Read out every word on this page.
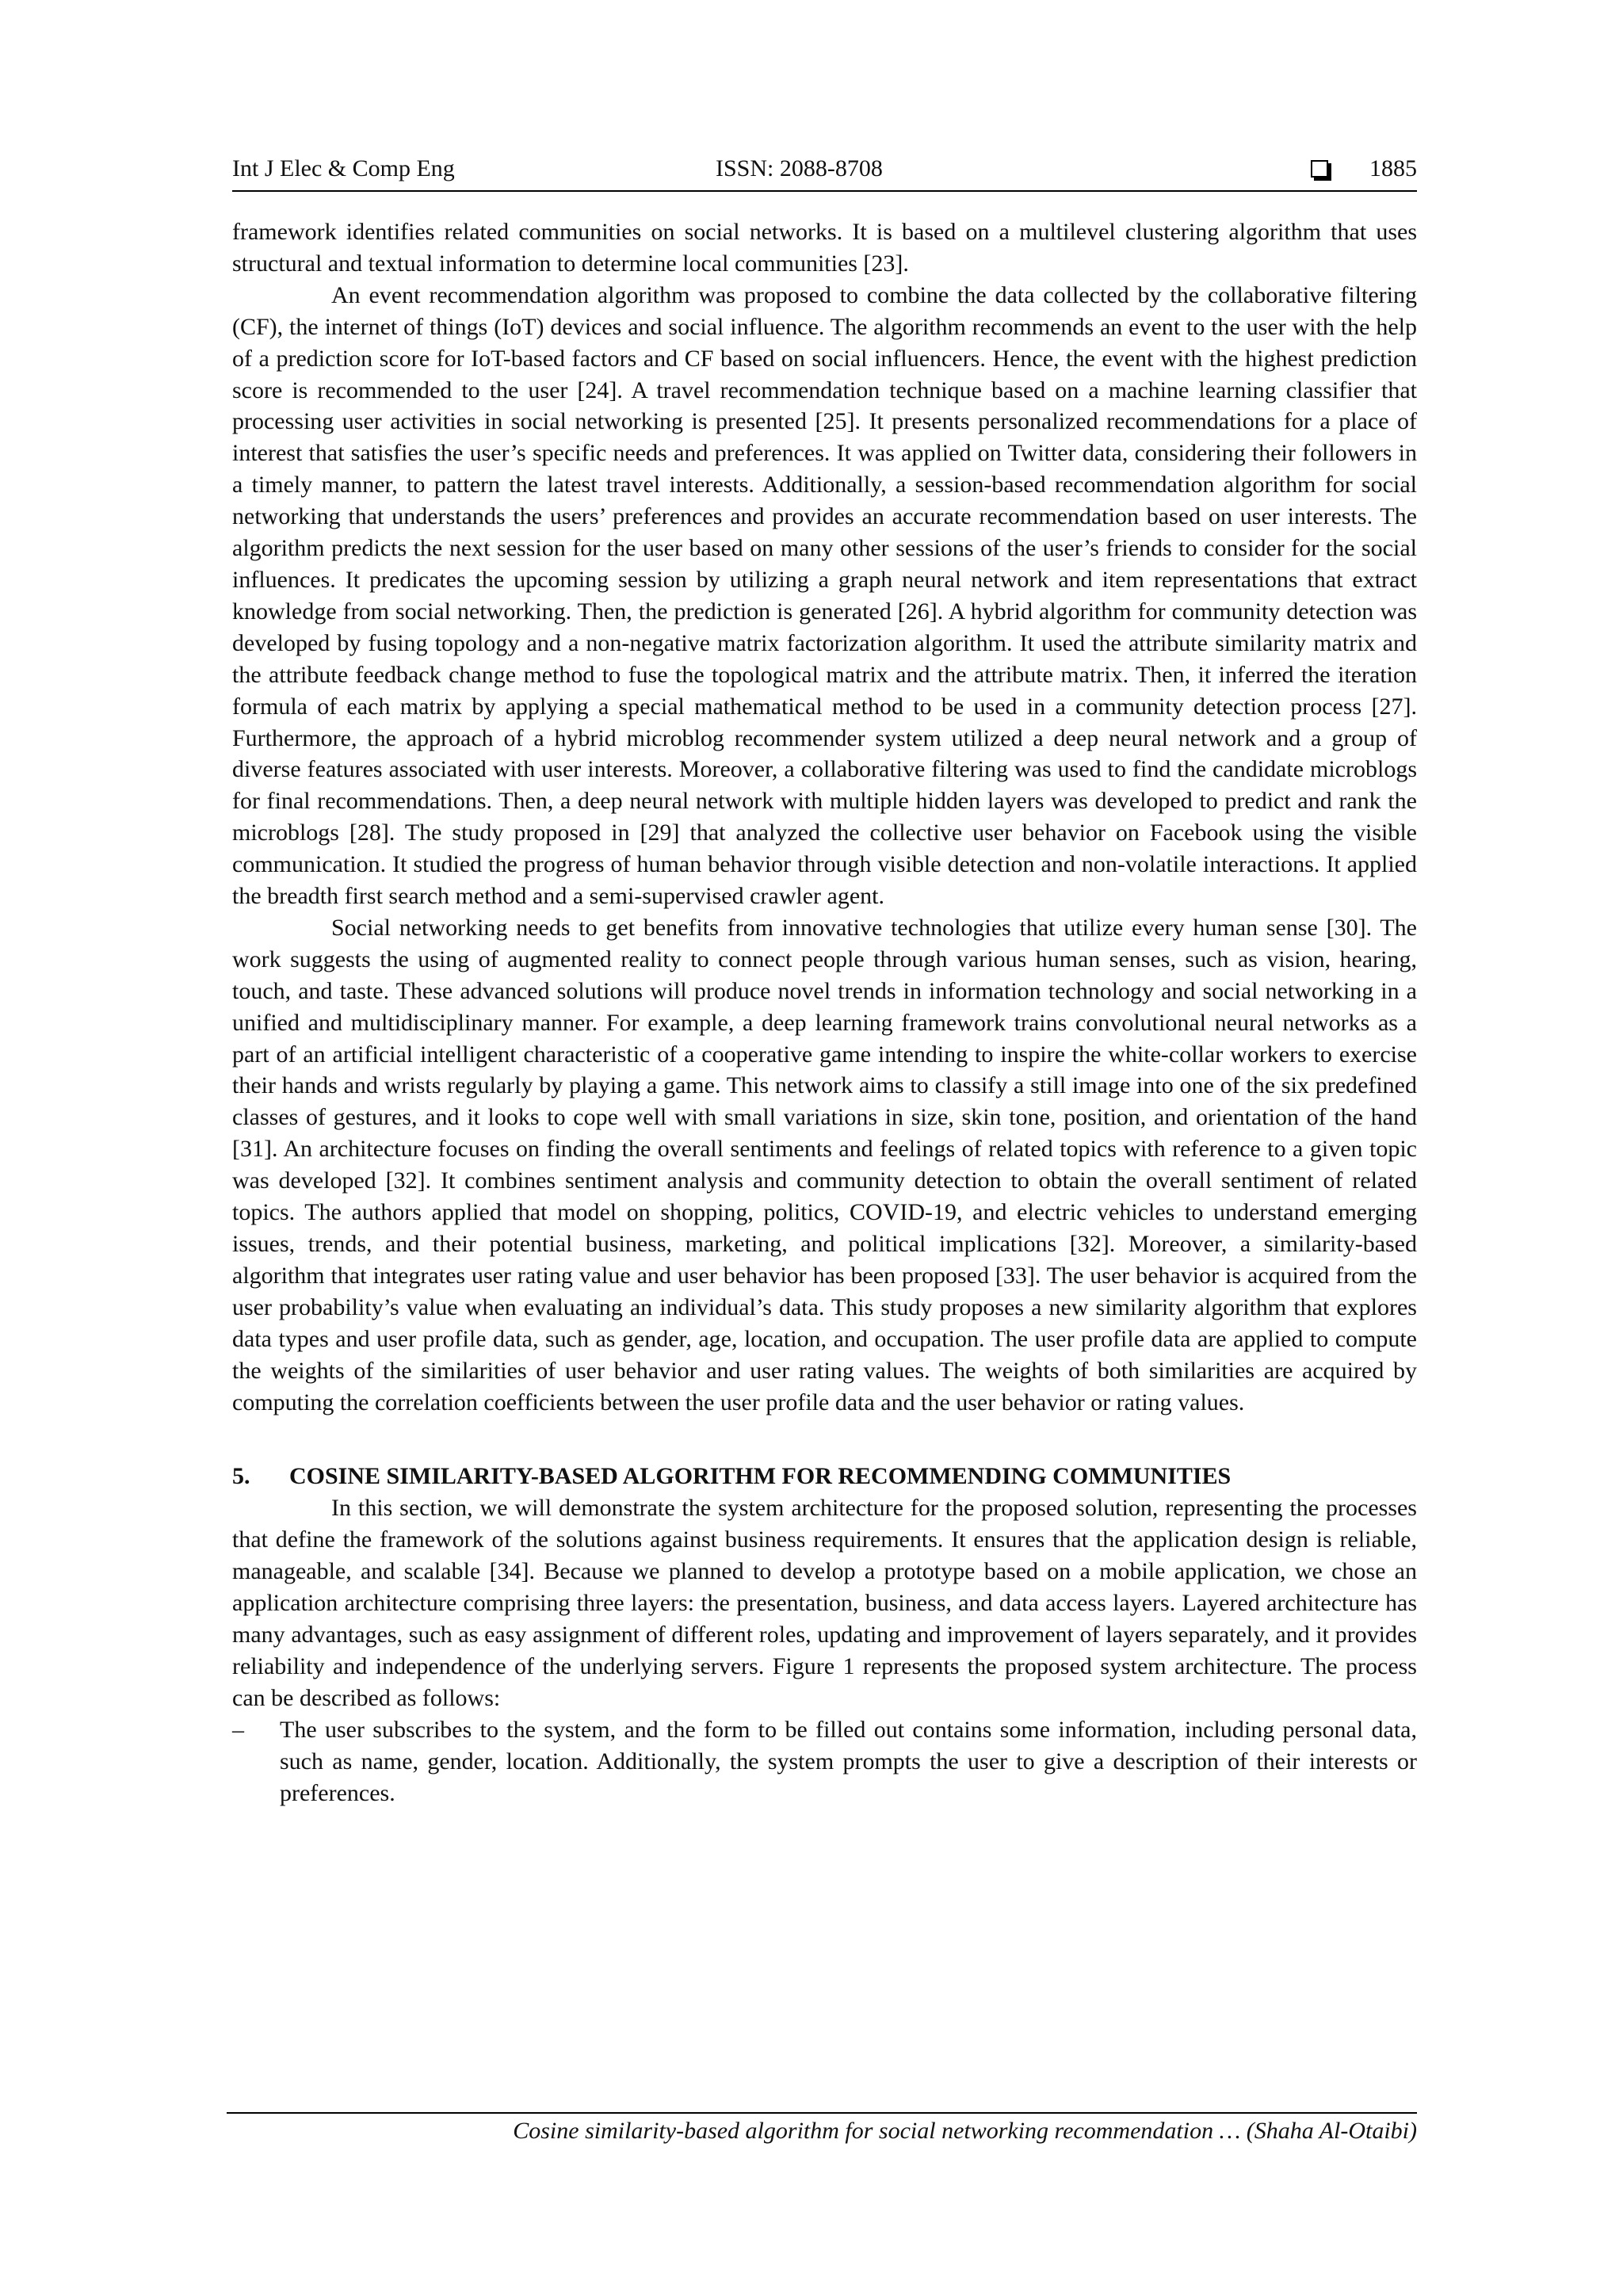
Int J Elec & Comp Eng	ISSN: 2088-8708	1885

framework identifies related communities on social networks. It is based on a multilevel clustering algorithm that uses structural and textual information to determine local communities [23].

An event recommendation algorithm was proposed to combine the data collected by the collaborative filtering (CF), the internet of things (IoT) devices and social influence. The algorithm recommends an event to the user with the help of a prediction score for IoT-based factors and CF based on social influencers. Hence, the event with the highest prediction score is recommended to the user [24]. A travel recommendation technique based on a machine learning classifier that processing user activities in social networking is presented [25]. It presents personalized recommendations for a place of interest that satisfies the user’s specific needs and preferences. It was applied on Twitter data, considering their followers in a timely manner, to pattern the latest travel interests. Additionally, a session-based recommendation algorithm for social networking that understands the users’ preferences and provides an accurate recommendation based on user interests. The algorithm predicts the next session for the user based on many other sessions of the user’s friends to consider for the social influences. It predicates the upcoming session by utilizing a graph neural network and item representations that extract knowledge from social networking. Then, the prediction is generated [26]. A hybrid algorithm for community detection was developed by fusing topology and a non-negative matrix factorization algorithm. It used the attribute similarity matrix and the attribute feedback change method to fuse the topological matrix and the attribute matrix. Then, it inferred the iteration formula of each matrix by applying a special mathematical method to be used in a community detection process [27]. Furthermore, the approach of a hybrid microblog recommender system utilized a deep neural network and a group of diverse features associated with user interests. Moreover, a collaborative filtering was used to find the candidate microblogs for final recommendations. Then, a deep neural network with multiple hidden layers was developed to predict and rank the microblogs [28]. The study proposed in [29] that analyzed the collective user behavior on Facebook using the visible communication. It studied the progress of human behavior through visible detection and non-volatile interactions. It applied the breadth first search method and a semi-supervised crawler agent.

Social networking needs to get benefits from innovative technologies that utilize every human sense [30]. The work suggests the using of augmented reality to connect people through various human senses, such as vision, hearing, touch, and taste. These advanced solutions will produce novel trends in information technology and social networking in a unified and multidisciplinary manner. For example, a deep learning framework trains convolutional neural networks as a part of an artificial intelligent characteristic of a cooperative game intending to inspire the white-collar workers to exercise their hands and wrists regularly by playing a game. This network aims to classify a still image into one of the six predefined classes of gestures, and it looks to cope well with small variations in size, skin tone, position, and orientation of the hand [31]. An architecture focuses on finding the overall sentiments and feelings of related topics with reference to a given topic was developed [32]. It combines sentiment analysis and community detection to obtain the overall sentiment of related topics. The authors applied that model on shopping, politics, COVID-19, and electric vehicles to understand emerging issues, trends, and their potential business, marketing, and political implications [32]. Moreover, a similarity-based algorithm that integrates user rating value and user behavior has been proposed [33]. The user behavior is acquired from the user probability’s value when evaluating an individual’s data. This study proposes a new similarity algorithm that explores data types and user profile data, such as gender, age, location, and occupation. The user profile data are applied to compute the weights of the similarities of user behavior and user rating values. The weights of both similarities are acquired by computing the correlation coefficients between the user profile data and the user behavior or rating values.

5. COSINE SIMILARITY-BASED ALGORITHM FOR RECOMMENDING COMMUNITIES

In this section, we will demonstrate the system architecture for the proposed solution, representing the processes that define the framework of the solutions against business requirements. It ensures that the application design is reliable, manageable, and scalable [34]. Because we planned to develop a prototype based on a mobile application, we chose an application architecture comprising three layers: the presentation, business, and data access layers. Layered architecture has many advantages, such as easy assignment of different roles, updating and improvement of layers separately, and it provides reliability and independence of the underlying servers. Figure 1 represents the proposed system architecture. The process can be described as follows:

– The user subscribes to the system, and the form to be filled out contains some information, including personal data, such as name, gender, location. Additionally, the system prompts the user to give a description of their interests or preferences.
Cosine similarity-based algorithm for social networking recommendation … (Shaha Al-Otaibi)
